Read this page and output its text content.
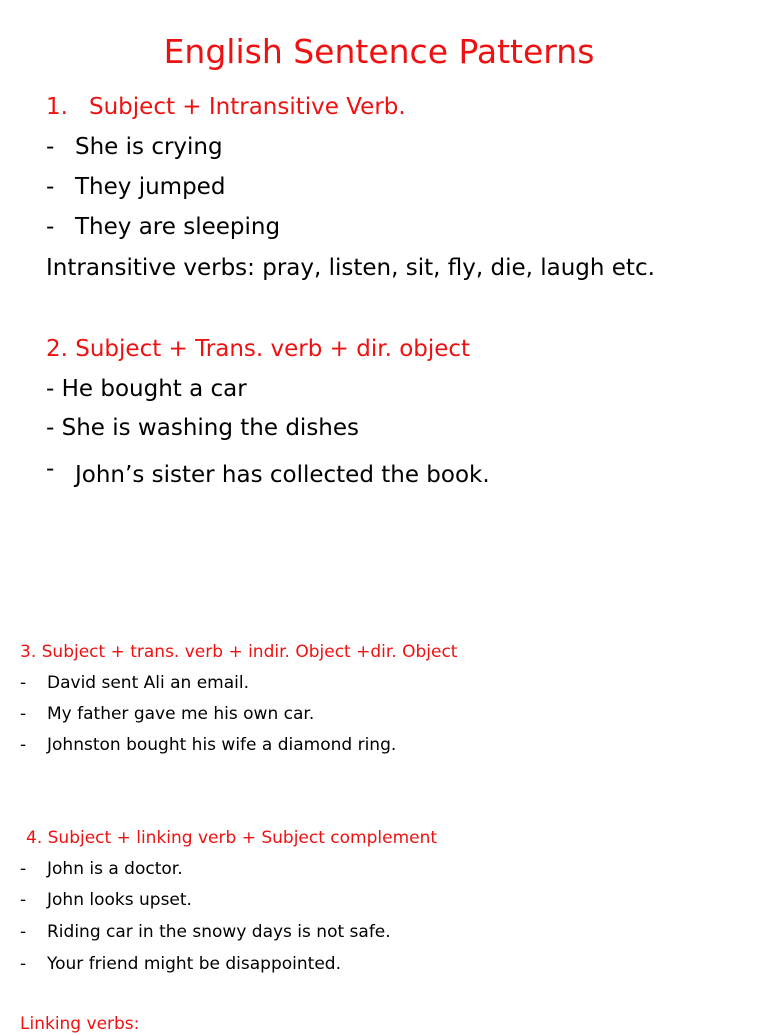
English Sentence Patterns
1. Subject + Intransitive Verb.
- She is crying
- They jumped
- They are sleeping
Intransitive verbs: pray, listen, sit, fly, die, laugh etc.
2. Subject + Trans. verb + dir. object
- He bought a car
- She is washing the dishes
- John’s sister has collected the book.
3. Subject + trans. verb + indir. Object +dir. Object
-	David sent Ali an email.
-	My father gave me his own car.
-	Johnston bought his wife a diamond ring.
4. Subject + linking verb + Subject complement
-	John is a doctor.
-	John looks upset.
-	Riding car in the snowy days is not safe.
-	Your friend might be disappointed.
Linking verbs:
